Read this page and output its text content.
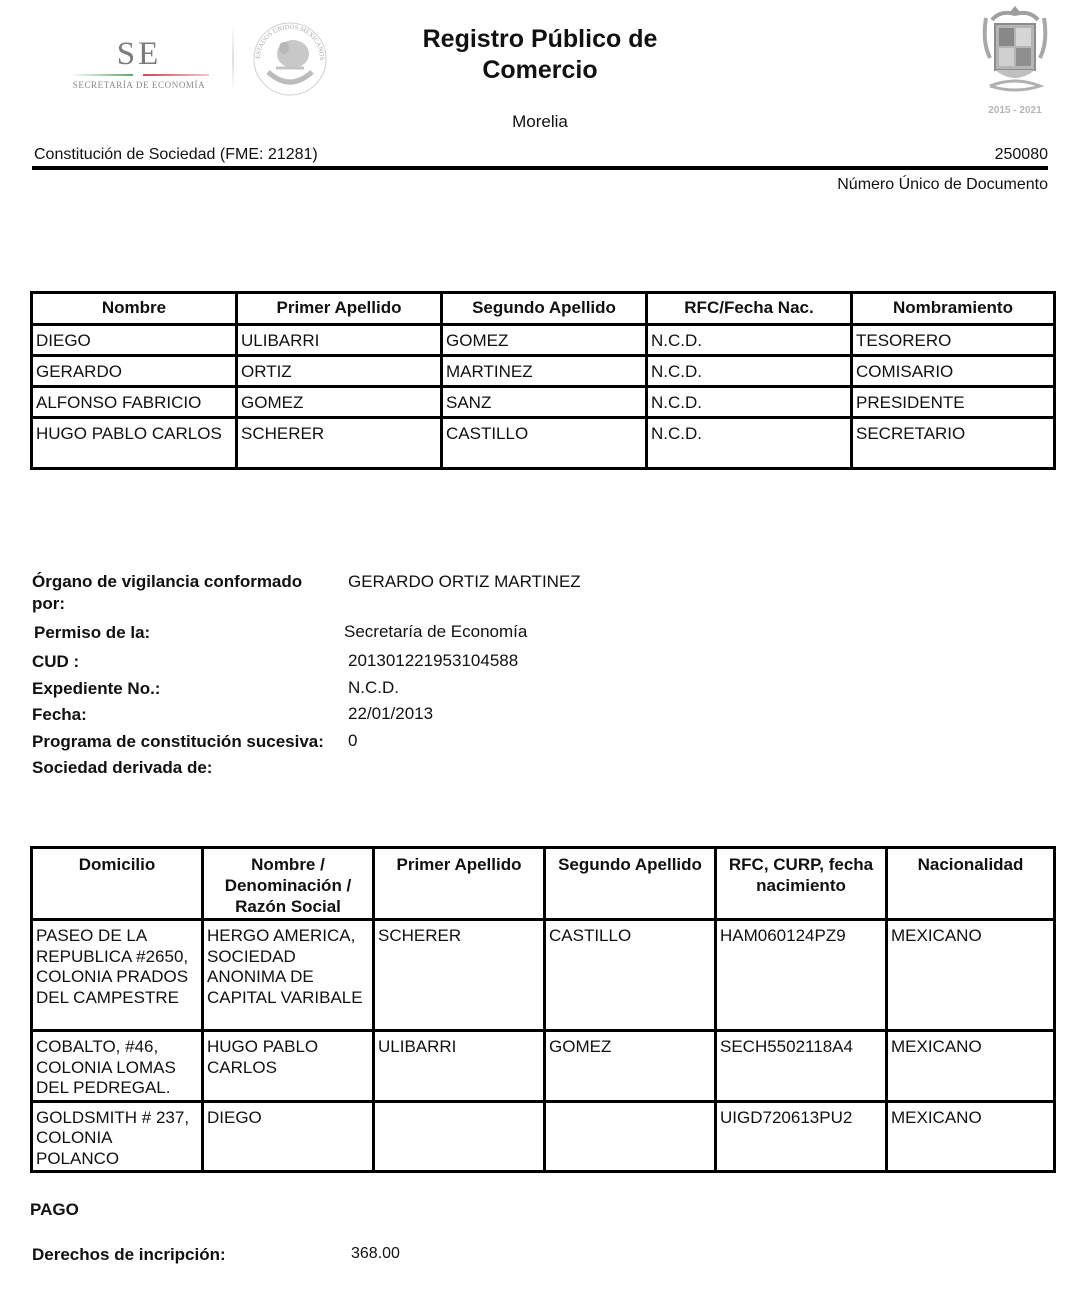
SE
SECRETARÍA DE ECONOMÍA
ESTADOS UNIDOS MEXICANOS
Registro Público de Comercio
Morelia
2015 - 2021
Constitución de Sociedad (FME: 21281)	250080
Número Único de Documento
Nombre	Primer Apellido	Segundo Apellido	RFC/Fecha Nac.	Nombramiento
DIEGO	ULIBARRI	GOMEZ	N.C.D.	TESORERO
GERARDO	ORTIZ	MARTINEZ	N.C.D.	COMISARIO
ALFONSO FABRICIO	GOMEZ	SANZ	N.C.D.	PRESIDENTE
HUGO PABLO CARLOS	SCHERER	CASTILLO	N.C.D.	SECRETARIO
Órgano de vigilancia conformado por:
GERARDO ORTIZ MARTINEZ
Permiso de la:	Secretaría de Economía
CUD :	201301221953104588
Expediente No.:	N.C.D.
Fecha:	22/01/2013
Programa de constitución sucesiva: 0
Sociedad derivada de:
Domicilio	Nombre / Denominación / Razón Social	Primer Apellido	Segundo Apellido	RFC, CURP, fecha nacimiento	Nacionalidad
PASEO DE LA REPUBLICA #2650, COLONIA PRADOS DEL CAMPESTRE	HERGO AMERICA, SOCIEDAD ANONIMA DE CAPITAL VARIBALE	SCHERER	CASTILLO	HAM060124PZ9	MEXICANO
COBALTO, #46, COLONIA LOMAS DEL PEDREGAL.	HUGO PABLO CARLOS	ULIBARRI	GOMEZ	SECH5502118A4	MEXICANO
GOLDSMITH # 237, COLONIA POLANCO	DIEGO			UIGD720613PU2	MEXICANO
PAGO
Derechos de incripción:	368.00
